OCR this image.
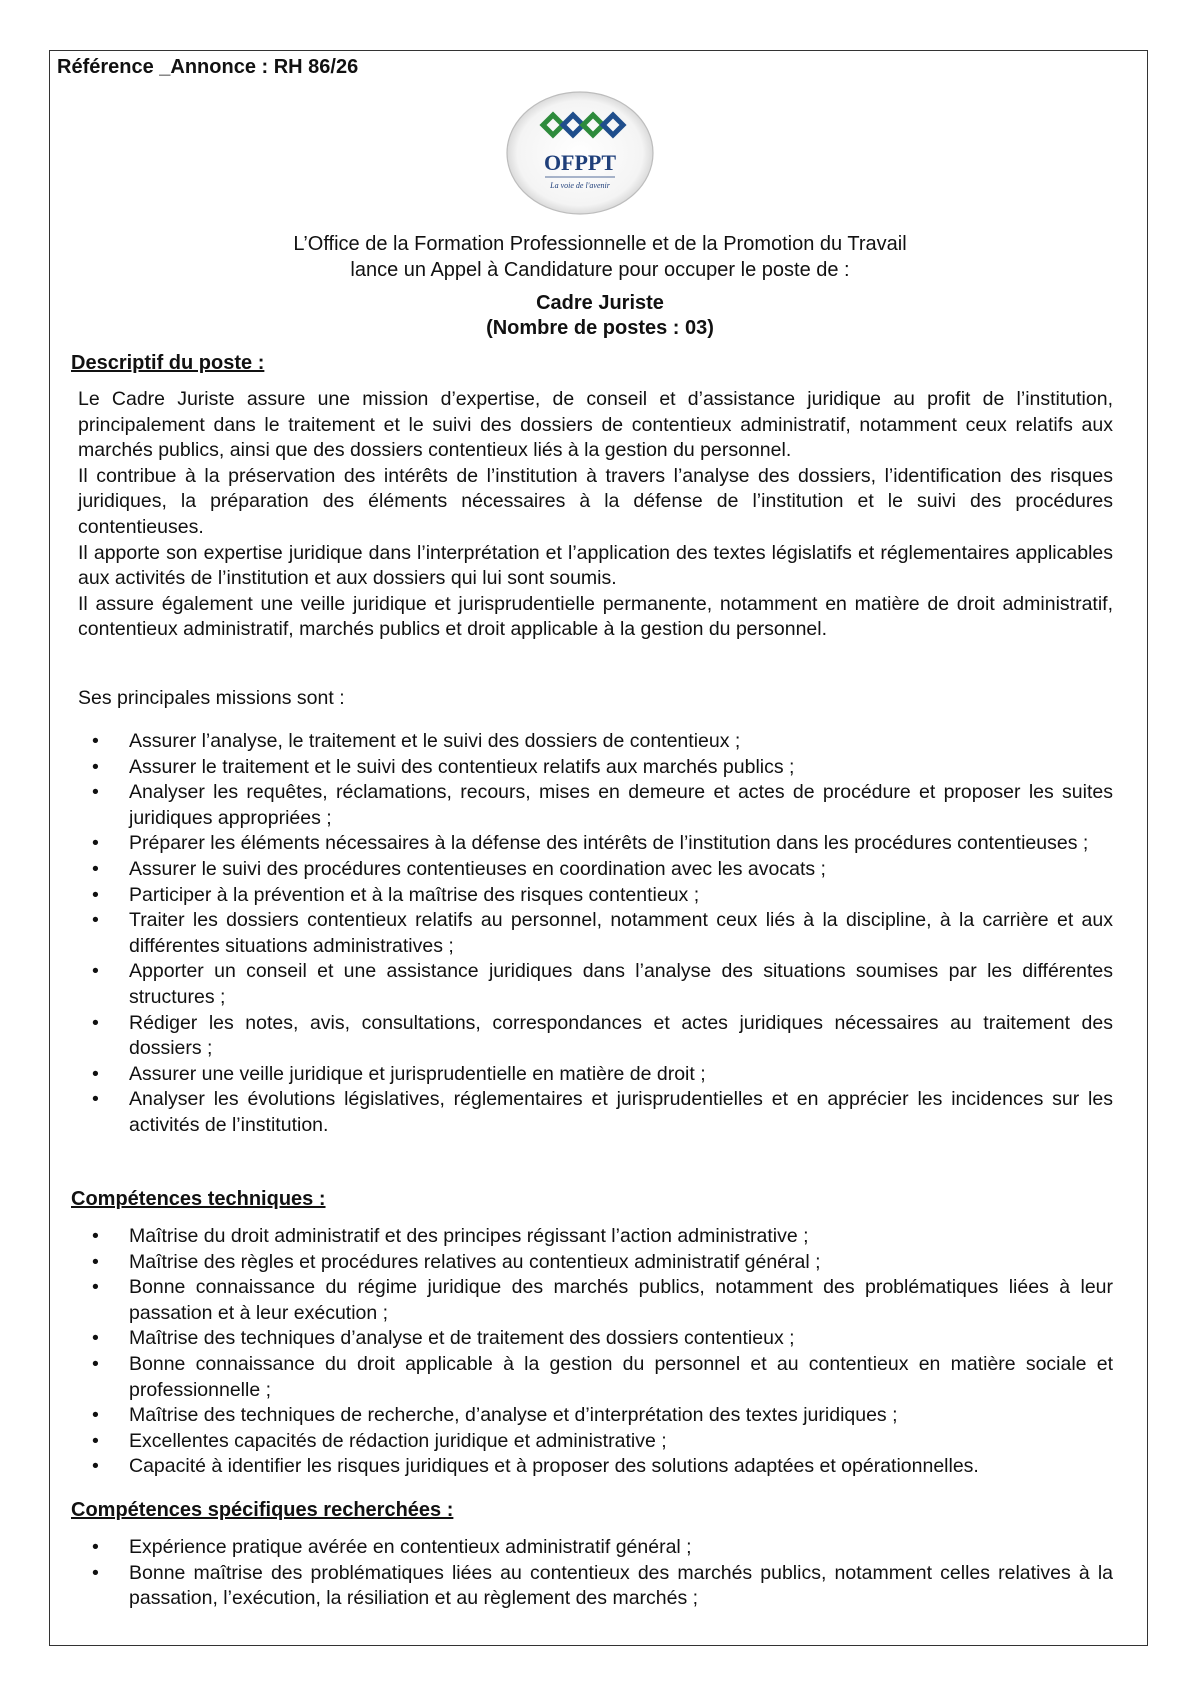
Référence _Annonce : RH 86/26
OFPPT
La voie de l'avenir
L’Office de la Formation Professionnelle et de la Promotion du Travail
lance un Appel à Candidature pour occuper le poste de :
Cadre Juriste
(Nombre de postes : 03)
Descriptif du poste :

Le Cadre Juriste assure une mission d’expertise, de conseil et d’assistance juridique au profit de l’institution, principalement dans le traitement et le suivi des dossiers de contentieux administratif, notamment ceux relatifs aux marchés publics, ainsi que des dossiers contentieux liés à la gestion du personnel.

Il contribue à la préservation des intérêts de l’institution à travers l’analyse des dossiers, l’identification des risques juridiques, la préparation des éléments nécessaires à la défense de l’institution et le suivi des procédures contentieuses.

Il apporte son expertise juridique dans l’interprétation et l’application des textes législatifs et réglementaires applicables aux activités de l’institution et aux dossiers qui lui sont soumis.

Il assure également une veille juridique et jurisprudentielle permanente, notamment en matière de droit administratif, contentieux administratif, marchés publics et droit applicable à la gestion du personnel.

Ses principales missions sont :
• Assurer l’analyse, le traitement et le suivi des dossiers de contentieux ;
• Assurer le traitement et le suivi des contentieux relatifs aux marchés publics ;
• Analyser les requêtes, réclamations, recours, mises en demeure et actes de procédure et proposer les suites juridiques appropriées ;
• Préparer les éléments nécessaires à la défense des intérêts de l’institution dans les procédures contentieuses ;
• Assurer le suivi des procédures contentieuses en coordination avec les avocats ;
• Participer à la prévention et à la maîtrise des risques contentieux ;
• Traiter les dossiers contentieux relatifs au personnel, notamment ceux liés à la discipline, à la carrière et aux différentes situations administratives ;
• Apporter un conseil et une assistance juridiques dans l’analyse des situations soumises par les différentes structures ;
• Rédiger les notes, avis, consultations, correspondances et actes juridiques nécessaires au traitement des dossiers ;
• Assurer une veille juridique et jurisprudentielle en matière de droit ;
• Analyser les évolutions législatives, réglementaires et jurisprudentielles et en apprécier les incidences sur les activités de l’institution.
Compétences techniques :
• Maîtrise du droit administratif et des principes régissant l’action administrative ;
• Maîtrise des règles et procédures relatives au contentieux administratif général ;
• Bonne connaissance du régime juridique des marchés publics, notamment des problématiques liées à leur passation et à leur exécution ;
• Maîtrise des techniques d’analyse et de traitement des dossiers contentieux ;
• Bonne connaissance du droit applicable à la gestion du personnel et au contentieux en matière sociale et professionnelle ;
• Maîtrise des techniques de recherche, d’analyse et d’interprétation des textes juridiques ;
• Excellentes capacités de rédaction juridique et administrative ;
• Capacité à identifier les risques juridiques et à proposer des solutions adaptées et opérationnelles.
Compétences spécifiques recherchées :
• Expérience pratique avérée en contentieux administratif général ;
• Bonne maîtrise des problématiques liées au contentieux des marchés publics, notamment celles relatives à la passation, l’exécution, la résiliation et au règlement des marchés ;
